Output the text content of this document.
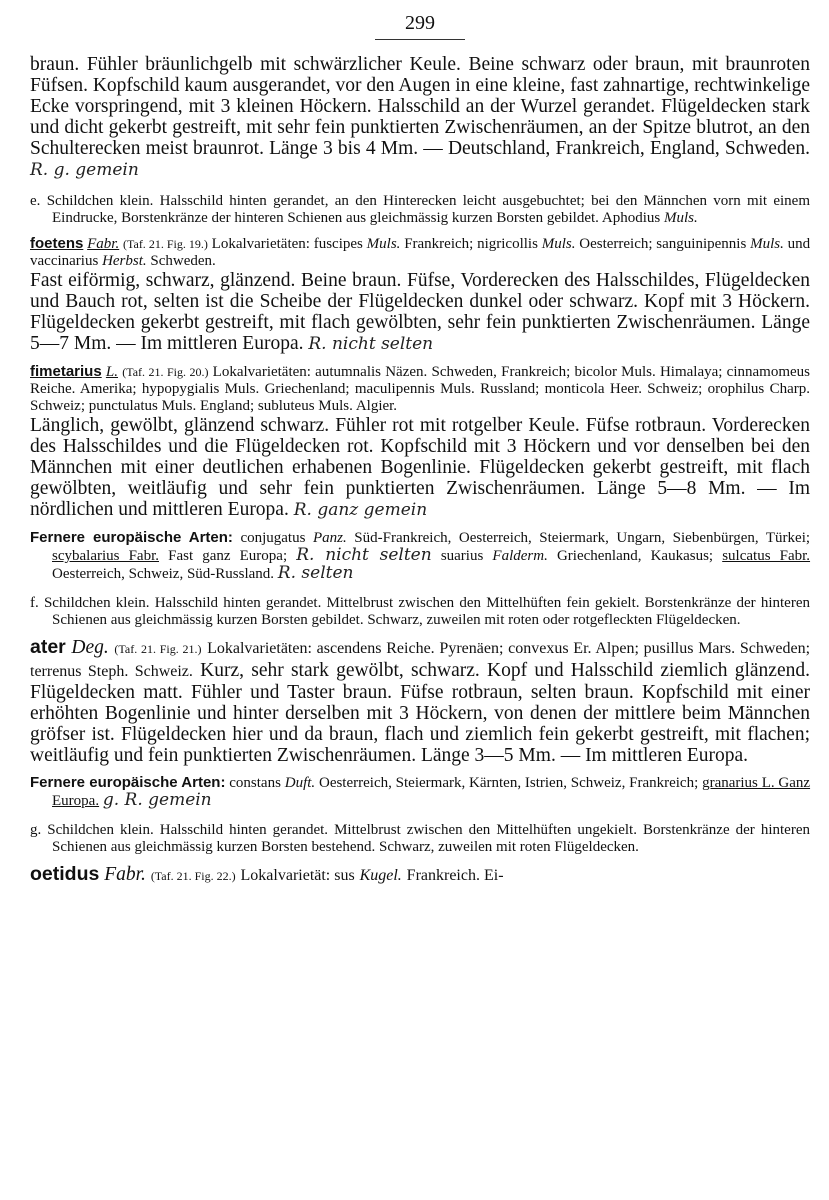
299

braun. Fühler bräunlichgelb mit schwärzlicher Keule. Beine schwarz oder braun, mit braunroten Füfsen. Kopfschild kaum ausgerandet, vor den Augen in eine kleine, fast zahnartige, rechtwinkelige Ecke vorspringend, mit 3 kleinen Höckern. Halsschild an der Wurzel gerandet. Flügeldecken stark und dicht gekerbt gestreift, mit sehr fein punktierten Zwischenräumen, an der Spitze blutrot, an den Schulterecken meist braunrot. Länge 3 bis 4 Mm. — Deutschland, Frankreich, England, Schweden. R. g. gemein

e. Schildchen klein. Halsschild hinten gerandet, an den Hinterecken leicht ausgebuchtet; bei den Männchen vorn mit einem Eindrucke, Borstenkränze der hinteren Schienen aus gleichmässig kurzen Borsten gebildet. Aphodius Muls.

foetens Fabr. (Taf. 21. Fig. 19.) Lokalvarietäten: fuscipes Muls. Frankreich; nigricollis Muls. Oesterreich; sanguinipennis Muls. und vaccinarius Herbst. Schweden.

Fast eiförmig, schwarz, glänzend. Beine braun. Füfse, Vorderecken des Halsschildes, Flügeldecken und Bauch rot, selten ist die Scheibe der Flügeldecken dunkel oder schwarz. Kopf mit 3 Höckern. Flügeldecken gekerbt gestreift, mit flach gewölbten, sehr fein punktierten Zwischenräumen. Länge 5—7 Mm. — Im mittleren Europa. R. nicht selten

fimetarius L. (Taf. 21. Fig. 20.) Lokalvarietäten: autumnalis Näzen. Schweden, Frankreich; bicolor Muls. Himalaya; cinnamomeus Reiche. Amerika; hypopygialis Muls. Griechenland; maculipennis Muls. Russland; monticola Heer. Schweiz; orophilus Charp. Schweiz; punctulatus Muls. England; subluteus Muls. Algier.

Länglich, gewölbt, glänzend schwarz. Fühler rot mit rotgelber Keule. Füfse rotbraun. Vorderecken des Halsschildes und die Flügeldecken rot. Kopfschild mit 3 Höckern und vor denselben bei den Männchen mit einer deutlichen erhabenen Bogenlinie. Flügeldecken gekerbt gestreift, mit flach gewölbten, weitläufig und sehr fein punktierten Zwischenräumen. Länge 5—8 Mm. — Im nördlichen und mittleren Europa. R. ganz gemein

Fernere europäische Arten: conjugatus Panz. Süd-Frankreich, Oesterreich, Steiermark, Ungarn, Siebenbürgen, Türkei; scybalarius Fabr. Fast ganz Europa; R. nicht selten suarius Falderm. Griechenland, Kaukasus; sulcatus Fabr. Oesterreich, Schweiz, Süd-Russland. R. selten

f. Schildchen klein. Halsschild hinten gerandet. Mittelbrust zwischen den Mittelhüften fein gekielt. Borstenkränze der hinteren Schienen aus gleichmässig kurzen Borsten gebildet. Schwarz, zuweilen mit roten oder rotgefleckten Flügeldecken.

ater Deg. (Taf. 21. Fig. 21.) Lokalvarietäten: ascendens Reiche. Pyrenäen; convexus Er. Alpen; pusillus Mars. Schweden; terrenus Steph. Schweiz. Kurz, sehr stark gewölbt, schwarz. Kopf und Halsschild ziemlich glänzend. Flügeldecken matt. Fühler und Taster braun. Füfse rotbraun, selten braun. Kopfschild mit einer erhöhten Bogenlinie und hinter derselben mit 3 Höckern, von denen der mittlere beim Männchen gröfser ist. Flügeldecken hier und da braun, flach und ziemlich fein gekerbt gestreift, mit flachen; weitläufig und fein punktierten Zwischenräumen. Länge 3—5 Mm. — Im mittleren Europa.

Fernere europäische Arten: constans Duft. Oesterreich, Steiermark, Kärnten, Istrien, Schweiz, Frankreich; granarius L. Ganz Europa. g. R. gemein

g. Schildchen klein. Halsschild hinten gerandet. Mittelbrust zwischen den Mittelhüften ungekielt. Borstenkränze der hinteren Schienen aus gleichmässig kurzen Borsten bestehend. Schwarz, zuweilen mit roten Flügeldecken.

oetidus Fabr. (Taf. 21. Fig. 22.) Lokalvarietät: sus Kugel. Frankreich. Ei-
